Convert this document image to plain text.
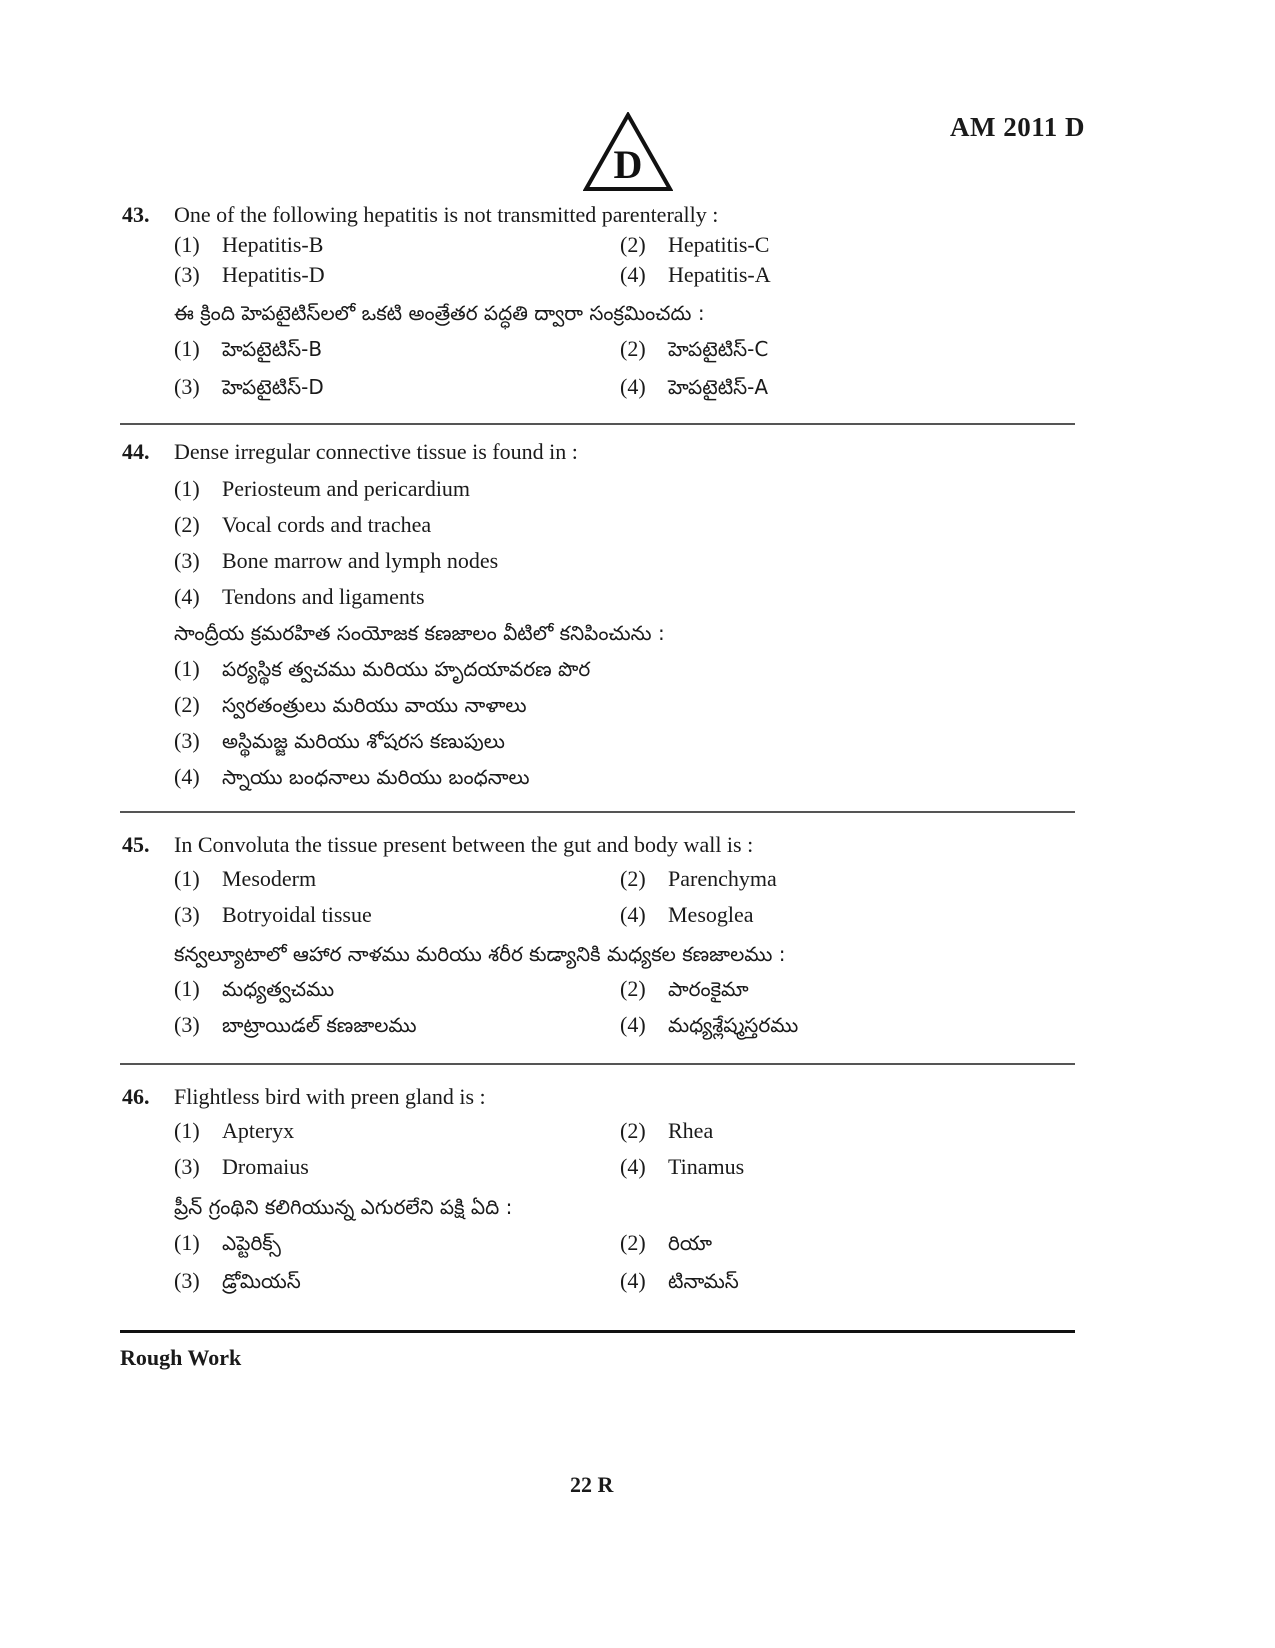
AM 2011 D
D
43. One of the following hepatitis is not transmitted parenterally :
(1) Hepatitis-B	(2) Hepatitis-C
(3) Hepatitis-D	(4) Hepatitis-A
ఈ క్రింది హెపటైటిస్‌లలో ఒకటి అంత్రేతర పద్ధతి ద్వారా సంక్రమించదు :
(1) హెపటైటిస్-B	(2) హెపటైటిస్-C
(3) హెపటైటిస్-D	(4) హెపటైటిస్-A
44. Dense irregular connective tissue is found in :
(1) Periosteum and pericardium
(2) Vocal cords and trachea
(3) Bone marrow and lymph nodes
(4) Tendons and ligaments
సాంద్రీయ క్రమరహిత సంయోజక కణజాలం వీటిలో కనిపించును :
(1) పర్యస్థిక త్వచము మరియు హృదయావరణ పొర
(2) స్వరతంత్రులు మరియు వాయు నాళాలు
(3) అస్థిమజ్జ మరియు శోషరస కణుపులు
(4) స్నాయు బంధనాలు మరియు బంధనాలు
45. In Convoluta the tissue present between the gut and body wall is :
(1) Mesoderm	(2) Parenchyma
(3) Botryoidal tissue	(4) Mesoglea
కన్వల్యూటాలో ఆహార నాళము మరియు శరీర కుడ్యానికి మధ్యకల కణజాలము :
(1) మధ్యత్వచము	(2) పారంకైమా
(3) బాట్రాయిడల్ కణజాలము	(4) మధ్యశ్లేష్మస్తరము
46. Flightless bird with preen gland is :
(1) Apteryx	(2) Rhea
(3) Dromaius	(4) Tinamus
ప్రీన్ గ్రంథిని కలిగియున్న ఎగురలేని పక్షి ఏది :
(1) ఎప్టెరిక్స్	(2) రియా
(3) డ్రోమియస్	(4) టినామస్
Rough Work
22 R
